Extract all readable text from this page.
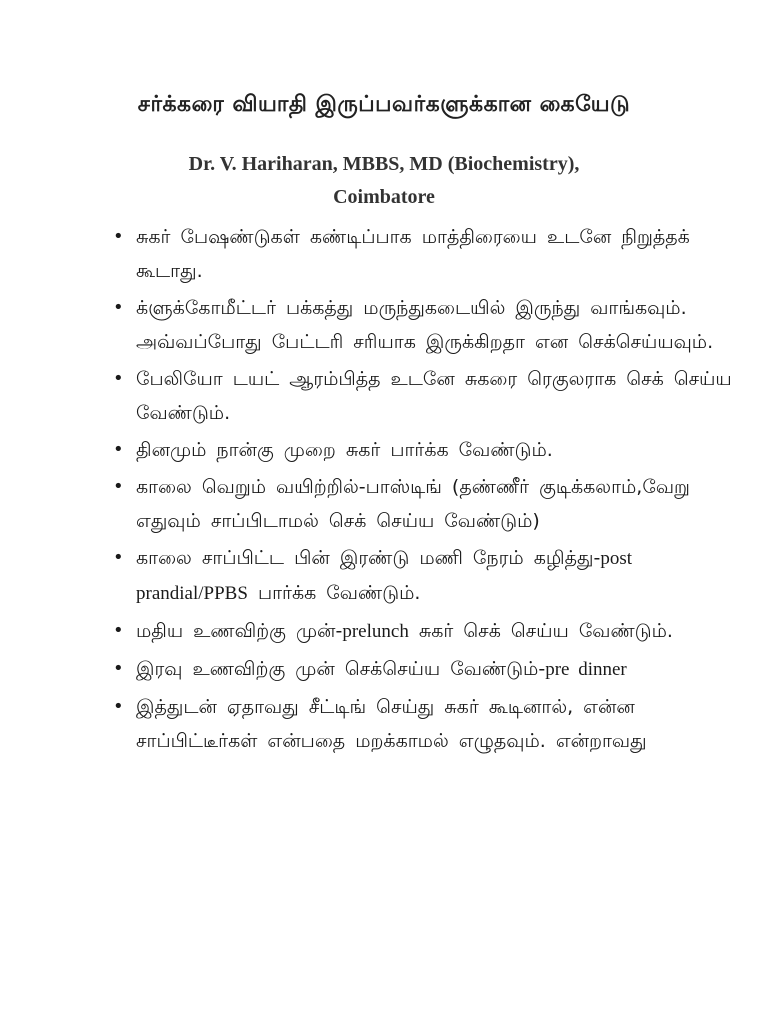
சர்க்கரை வியாதி இருப்பவர்களுக்கான கையேடு
Dr. V. Hariharan, MBBS, MD (Biochemistry),
Coimbatore
• சுகர் பேஷண்டுகள் கண்டிப்பாக மாத்திரையை உடனே நிறுத்தக் கூடாது.
• க்ளுக்கோமீட்டர் பக்கத்து மருந்துகடையில் இருந்து வாங்கவும். அவ்வப்போது பேட்டரி சரியாக இருக்கிறதா என செக்செய்யவும்.
• பேலியோ டயட் ஆரம்பித்த உடனே சுகரை ரெகுலராக செக் செய்ய வேண்டும்.
• தினமும் நான்கு முறை சுகர் பார்க்க வேண்டும்.
• காலை வெறும் வயிற்றில்-பாஸ்டிங் (தண்ணீர் குடிக்கலாம்,வேறு எதுவும் சாப்பிடாமல் செக் செய்ய வேண்டும்)
• காலை சாப்பிட்ட பின் இரண்டு மணி நேரம் கழித்து-post prandial/PPBS பார்க்க வேண்டும்.
• மதிய உணவிற்கு முன்-prelunch சுகர் செக் செய்ய வேண்டும்.
• இரவு உணவிற்கு முன் செக்செய்ய வேண்டும்-pre dinner
• இத்துடன் ஏதாவது சீட்டிங் செய்து சுகர் கூடினால், என்ன சாப்பிட்டீர்கள் என்பதை மறக்காமல் எழுதவும். என்றாவது
